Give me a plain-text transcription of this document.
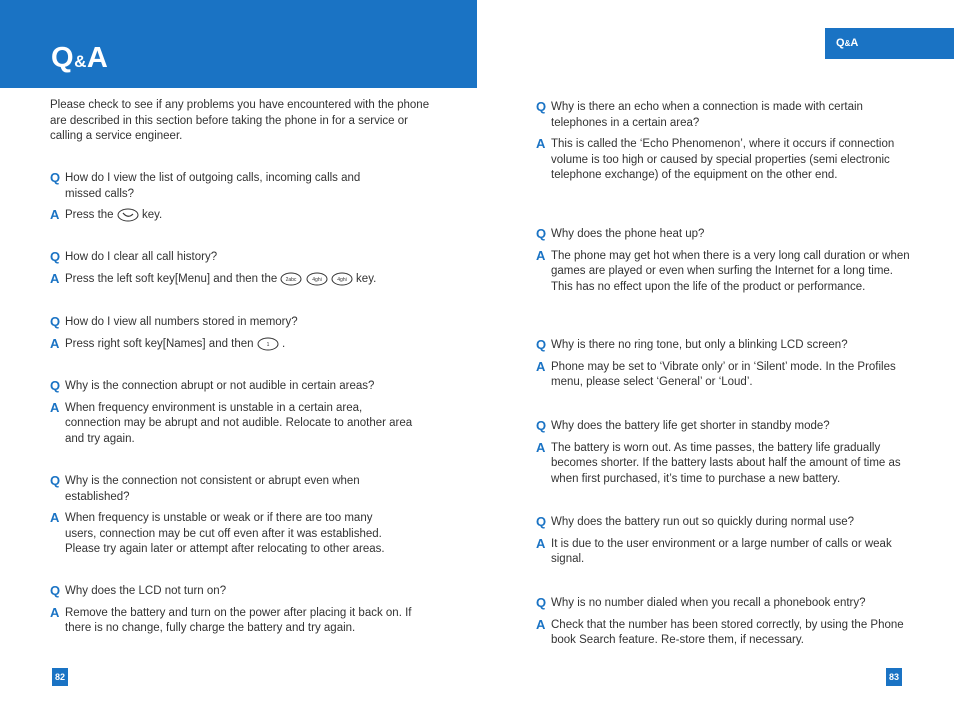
Q&A	Q&A
Please check to see if any problems you have encountered with the phone are described in this section before taking the phone in for a service or calling a service engineer.
Q How do I view the list of outgoing calls, incoming calls and missed calls?
A Press the key.
Q How do I clear all call history?
A Press the left soft key[Menu] and then the 2abc
	4ghi
	4ghi key.
Q How do I view all numbers stored in memory?
A Press right soft key[Names] and then	1 .
Q Why is the connection abrupt or not audible in certain areas?
A When frequency environment is unstable in a certain area, connection may be abrupt and not audible. Relocate to another area and try again.
Q Why is the connection not consistent or abrupt even when established?
A When frequency is unstable or weak or if there are too many users, connection may be cut off even after it was established. Please try again later or attempt after relocating to other areas.
Q Why does the LCD not turn on?
A Remove the battery and turn on the power after placing it back on. If there is no change, fully charge the battery and try again.
Q Why is there an echo when a connection is made with certain telephones in a certain area?
A This is called the ‘Echo Phenomenon’, where it occurs if connection volume is too high or caused by special properties (semi electronic telephone exchange) of the equipment on the other end.
Q Why does the phone heat up?
A The phone may get hot when there is a very long call duration or when games are played or even when surfing the Internet for a long time. This has no effect upon the life of the product or performance.
Q Why is there no ring tone, but only a blinking LCD screen?
A Phone may be set to ‘Vibrate only’ or in ‘Silent’ mode. In the Profiles menu, please select ‘General’ or ‘Loud’.
Q Why does the battery life get shorter in standby mode?
A The battery is worn out. As time passes, the battery life gradually becomes shorter. If the battery lasts about half the amount of time as when first purchased, it’s time to purchase a new battery.
Q Why does the battery run out so quickly during normal use?
A It is due to the user environment or a large number of calls or weak signal.
Q Why is no number dialed when you recall a phonebook entry?
A Check that the number has been stored correctly, by using the Phone book Search feature. Re-store them, if necessary.
82	83
